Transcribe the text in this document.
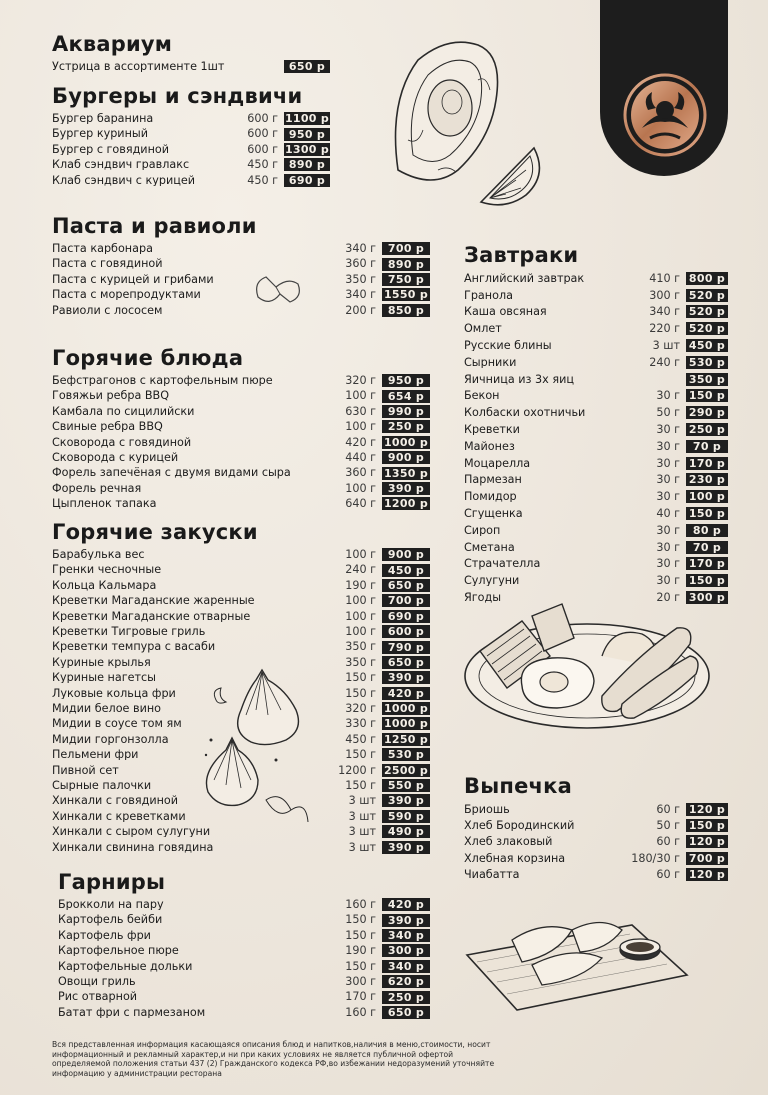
Аквариум
Устрица в ассортименте 1шт	650 р
Бургеры и сэндвичи
Бургер баранина	600 г 1100 р
Бургер куриный	600 г 950 р
Бургер с говядиной	600 г 1300 р
Клаб сэндвич гравлакс	450 г 890 р
Клаб сэндвич с курицей	450 г 690 р
Паста и равиоли
Паста карбонара	340 г	700 р
Паста с говядиной	360 г	890 р
Паста с курицей и грибами	350 г	750 р
Паста с морепродуктами	340 г 1550 р
Равиоли с лососем	200 г	850 р
Горячие блюда
Бефстрагонов с картофельным пюре	320 г	950 р
Говяжьи ребра BBQ	100 г	654 р
Камбала по сицилийски	630 г	990 р
Свиные ребра BBQ	100 г	250 р
Сковорода с говядиной	420 г 1000 р
Сковорода с курицей	440 г	900 р
Форель запечёная с двумя видами сыра	360 г 1350 р
Форель речная	100 г	390 р
Цыпленок тапака	640 г 1200 р
Горячие закуски
Барабулька вес	100 г	900 р
Гренки чесночные	240 г	450 р
Кольца Кальмара	190 г	650 р
Креветки Магаданские жаренные	100 г	700 р
Креветки Магаданские отварные	100 г	690 р
Креветки Тигровые гриль	100 г	600 р
Креветки темпура с васаби	350 г	790 р
Куриные крылья	350 г	650 р
Куриные нагетсы	150 г	390 р
Луковые кольца фри	150 г	420 р
Мидии белое вино	320 г 1000 р
Мидии в соусе том ям	330 г 1000 р
Мидии горгонзолла	450 г 1250 р
Пельмени фри	150 г	530 р
Пивной сет	1200 г 2500 р
Сырные палочки	150 г	550 р
Хинкали с говядиной	3 шт	390 р
Хинкали с креветками	3 шт	590 р
Хинкали с сыром сулугуни	3 шт	490 р
Хинкали свинина говядина	3 шт	390 р
Гарниры
Брокколи на пару	160 г	420 р
Картофель бейби	150 г	390 р
Картофель фри	150 г	340 р
Картофельное пюре	190 г	300 р
Картофельные дольки	150 г	340 р
Овощи гриль	300 г	620 р
Рис отварной	170 г	250 р
Батат фри с пармезаном	160 г	650 р
Завтраки
Английский завтрак	410 г 800 р
Гранола	300 г 520 р
Каша овсяная	340 г 520 р
Омлет	220 г 520 р
Русские блины	3 шт 450 р
Сырники	240 г 530 р
Яичница из 3х яиц	350 р
Бекон	30 г 150 р
Колбаски охотничьи	50 г 290 р
Креветки	30 г 250 р
Майонез	30 г	70 р
Моцарелла	30 г 170 р
Пармезан	30 г 230 р
Помидор	30 г 100 р
Сгущенка	40 г 150 р
Сироп	30 г	80 р
Сметана	30 г	70 р
Страчателла	30 г 170 р
Сулугуни	30 г 150 р
Ягоды	20 г 300 р
Выпечка
Бриошь	60 г 120 р
Хлеб Бородинский	50 г 150 р
Хлеб злаковый	60 г 120 р
Хлебная корзина	180/30 г 700 р
Чиабатта	60 г 120 р
Вся представленная информация касающаяся описания блюд и напитков,наличия в меню,стоимости, носит информационный и рекламный характер,и ни при каких условиях не является публичной офертой определяемой положения статьи 437 (2) Гражданского кодекса РФ,во избежании недоразумений уточняйте информацию у администрации ресторана
